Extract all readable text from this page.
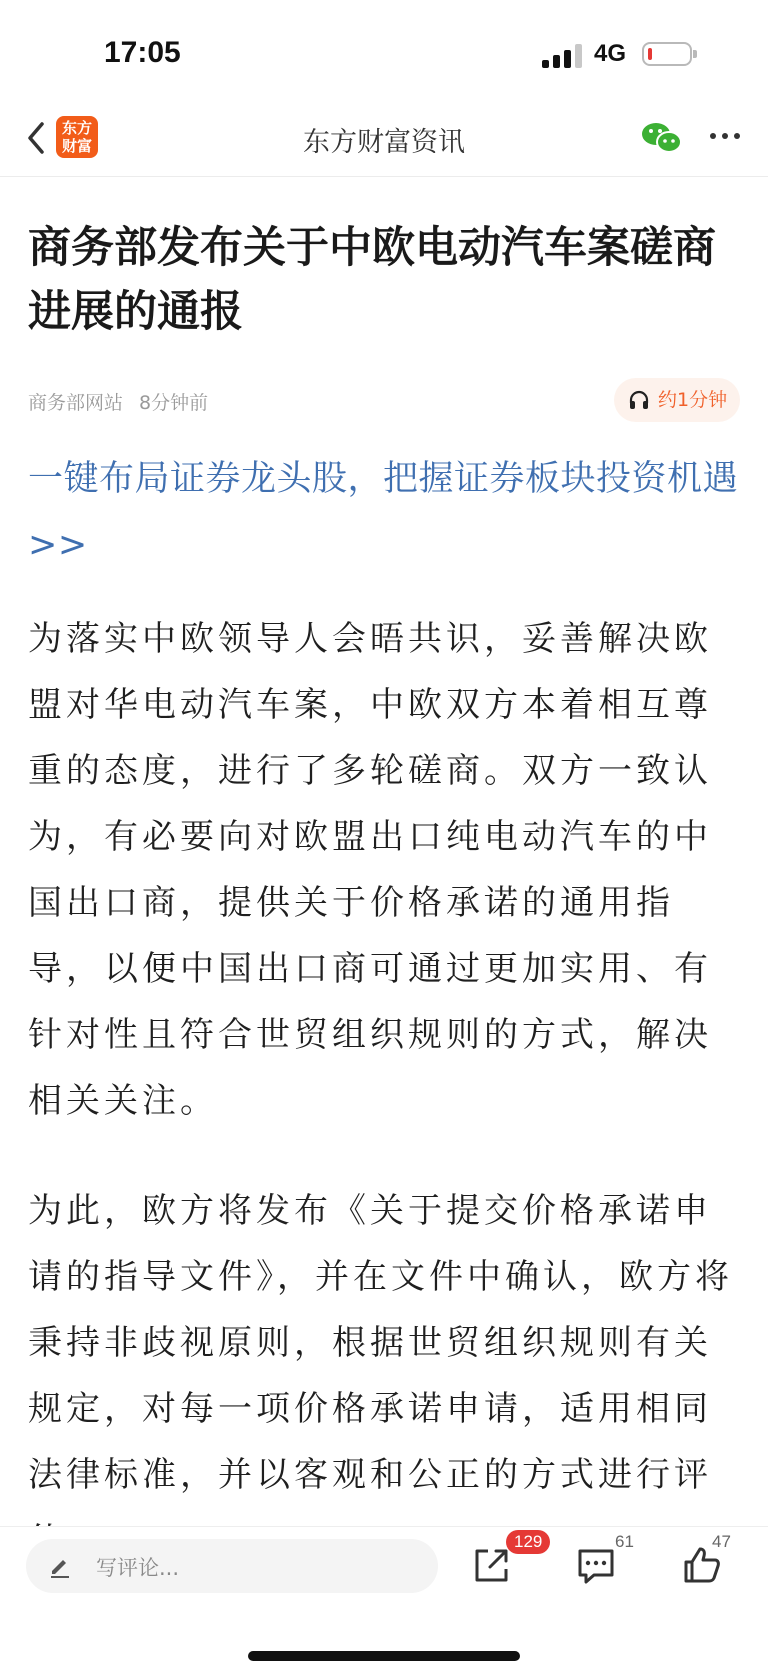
17:05	4G
东方
财富	东方财富资讯
商务部发布关于中欧电动汽车案磋商进展的通报
商务部网站 8分钟前	约1分钟
一键布局证券龙头股，把握证券板块投资机遇>>

为落实中欧领导人会晤共识，妥善解决欧盟对华电动汽车案，中欧双方本着相互尊重的态度，进行了多轮磋商。双方一致认为，有必要向对欧盟出口纯电动汽车的中国出口商，提供关于价格承诺的通用指导，以便中国出口商可通过更加实用、有针对性且符合世贸组织规则的方式，解决相关关注。

为此，欧方将发布《关于提交价格承诺申请的指导文件》，并在文件中确认，欧方将秉持非歧视原则，根据世贸组织规则有关规定，对每一项价格承诺申请，适用相同法律标准，并以客观和公正的方式进行评

写评论...
129	61	47
